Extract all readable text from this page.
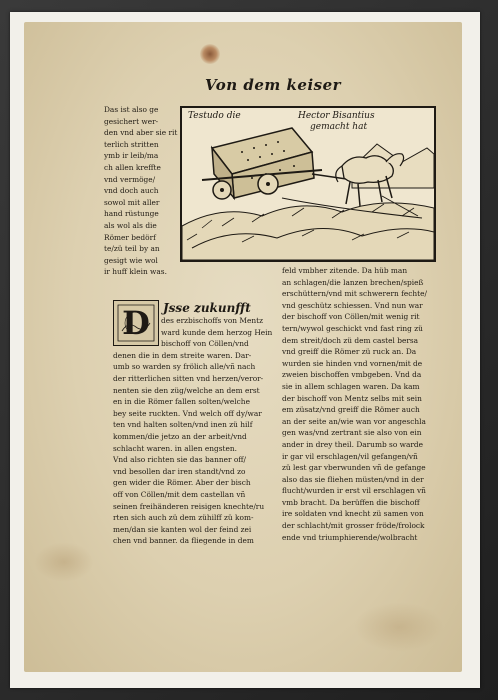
Von dem keiser
Testudo die	Hector Bisantius
gemacht hat
Das ist also ge
gesichert wer-
den vnd aber sie rit
terlich stritten
ymb ir leib/ma
ch allen kreffte
vnd vermöge/
vnd doch auch
sowol mit aller
hand rüstunge
als wol als die
Römer bedörf
te/zü teil by an
gesigt wie wol
ir huff klein was.
D	Jsse zukunfft
des erzbischoffs von Mentz
ward kunde dem herzog Hein
bischoff von Cöllen/vnd
denen die in dem streite waren. Dar-
umb so warden sy frölich alle/vñ nach
der ritterlichen sitten vnd herzen/veror-
nenten sie den züg/welche an dem erst
en in die Römer fallen solten/welche
bey seite ruckten. Vnd welch off dy/war
ten vnd halten solten/vnd inen zü hilf
kommen/die jetzo an der arbeit/vnd
schlacht waren. in allen engsten.
Vnd also richten sie das banner off/
vnd besollen dar iren standt/vnd zo
gen wider die Römer. Aber der bisch
off von Cöllen/mit dem castellan vñ
seinen freihänderen reisigen knechte/ru
rten sich auch zü dem zühilff zü kom-
men/dan sie kanten wol der feind zei
chen vnd banner. da fliegende in dem
feld vmbher zitende. Da hüb man
an schlagen/die lanzen brechen/spieß
erschüttern/vnd mit schwerern fechte/
vnd geschütz schiessen. Vnd nun war
der bischoff von Cöllen/mit wenig rit
tern/wywol geschickt vnd fast ring zü
dem streit/doch zü dem castel bersa
vnd greiff die Römer zü ruck an. Da
wurden sie hinden vnd vornen/mit de
zweien bischoffen vmbgeben. Vnd da
sie in allem schlagen waren. Da kam
der bischoff von Mentz selbs mit sein
em züsatz/vnd greiff die Römer auch
an der seite an/wie wan vor angeschla
gen was/vnd zertrant sie also von ein
ander in drey theil. Darumb so warde
ir gar vil erschlagen/vil gefangen/vñ
zü lest gar vberwunden vñ de gefange
also das sie fliehen müsten/vnd in der
flucht/wurden ir erst vil erschlagen vñ
vmb bracht. Da berüffen die bischoff
ire soldaten vnd knecht zü samen von
der schlacht/mit grosser fröde/frolock
ende vnd triumphierende/wolbracht
